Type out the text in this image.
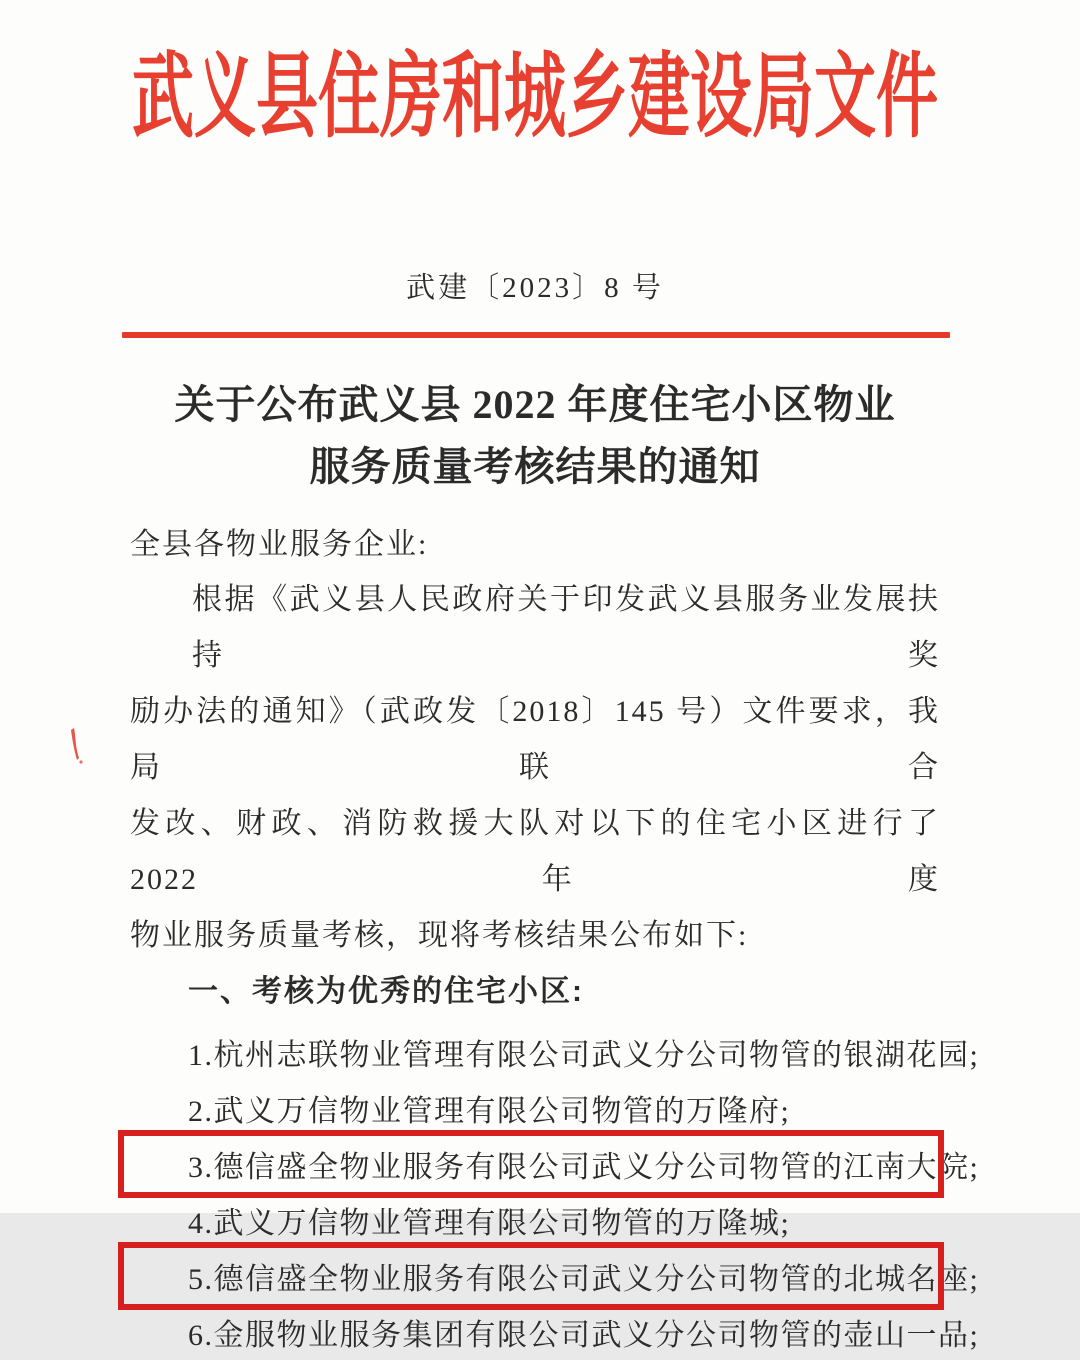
武义县住房和城乡建设局文件
武建〔2023〕8 号
关于公布武义县 2022 年度住宅小区物业
服务质量考核结果的通知
全县各物业服务企业:
根据《武义县人民政府关于印发武义县服务业发展扶持奖
励办法的通知》（武政发〔2018〕145 号）文件要求，我局联合
发改、财政、消防救援大队对以下的住宅小区进行了 2022 年度
物业服务质量考核，现将考核结果公布如下:
一、考核为优秀的住宅小区:
1.杭州志联物业管理有限公司武义分公司物管的银湖花园;
2.武义万信物业管理有限公司物管的万隆府;
3.德信盛全物业服务有限公司武义分公司物管的江南大院;
4.武义万信物业管理有限公司物管的万隆城;
5.德信盛全物业服务有限公司武义分公司物管的北城名座;
6.金服物业服务集团有限公司武义分公司物管的壶山一品;
